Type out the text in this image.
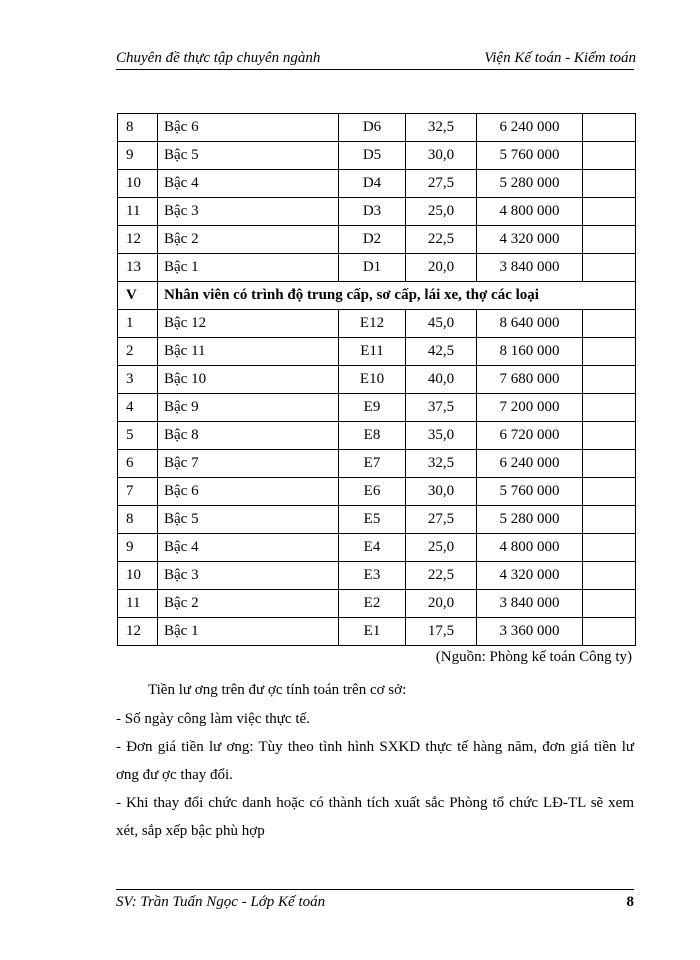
Chuyên đề thực tập chuyên ngành	Viện Kế toán - Kiểm toán
8	Bậc 6	D6	32,5	6 240 000	
9	Bậc 5	D5	30,0	5 760 000	
10	Bậc 4	D4	27,5	5 280 000	
11	Bậc 3	D3	25,0	4 800 000	
12	Bậc 2	D2	22,5	4 320 000	
13	Bậc 1	D1	20,0	3 840 000	
V	Nhân viên có trình độ trung cấp, sơ cấp, lái xe, thợ các loại				
1	Bậc 12	E12	45,0	8 640 000	
2	Bậc 11	E11	42,5	8 160 000	
3	Bậc 10	E10	40,0	7 680 000	
4	Bậc 9	E9	37,5	7 200 000	
5	Bậc 8	E8	35,0	6 720 000	
6	Bậc 7	E7	32,5	6 240 000	
7	Bậc 6	E6	30,0	5 760 000	
8	Bậc 5	E5	27,5	5 280 000	
9	Bậc 4	E4	25,0	4 800 000	
10	Bậc 3	E3	22,5	4 320 000	
11	Bậc 2	E2	20,0	3 840 000	
12	Bậc 1	E1	17,5	3 360 000	
(Nguồn: Phòng kế toán Công ty)
Tiền lư ơng trên đư ợc tính toán trên cơ sở:
- Số ngày công làm việc thực tế.
- Đơn giá tiền lư ơng: Tùy theo tình hình SXKD thực tế hàng năm, đơn giá tiền lư ơng đư ợc thay đổi.
- Khi thay đổi chức danh hoặc có thành tích xuất sắc Phòng tổ chức LĐ-TL sẽ xem xét, sắp xếp bậc phù hợp
SV: Trần Tuấn Ngọc - Lớp Kế toán	8
